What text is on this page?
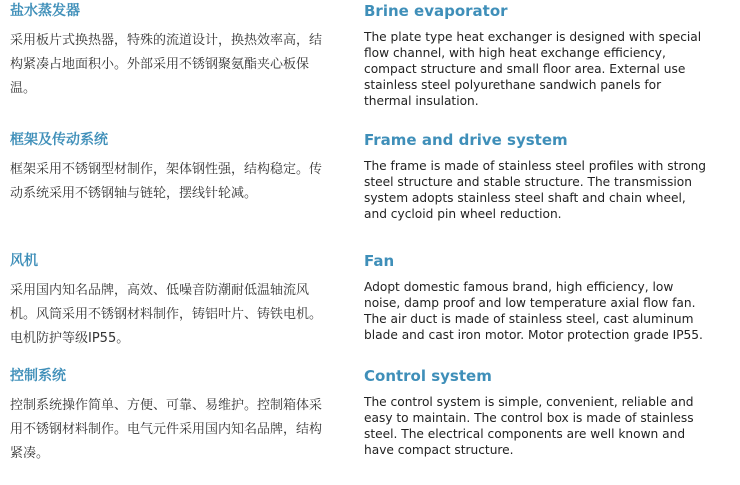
盐水蒸发器

采用板片式换热器，特殊的流道设计，换热效率高，结构紧凑占地面积小。外部采用不锈钢聚氨酯夹心板保温。

框架及传动系统

框架采用不锈钢型材制作，架体钢性强，结构稳定。传动系统采用不锈钢轴与链轮，摆线针轮减。

风机

采用国内知名品牌，高效、低噪音防潮耐低温轴流风机。风筒采用不锈钢材料制作，铸铝叶片、铸铁电机。电机防护等级IP55。

控制系统

控制系统操作简单、方便、可靠、易维护。控制箱体采用不锈钢材料制作。电气元件采用国内知名品牌，结构紧凑。

Brine evaporator

The plate type heat exchanger is designed with special flow channel, with high heat exchange efficiency, compact structure and small floor area. External use stainless steel polyurethane sandwich panels for thermal insulation.

Frame and drive system

The frame is made of stainless steel profiles with strong steel structure and stable structure. The transmission system adopts stainless steel shaft and chain wheel, and cycloid pin wheel reduction.

Fan

Adopt domestic famous brand, high efficiency, low noise, damp proof and low temperature axial flow fan. The air duct is made of stainless steel, cast aluminum blade and cast iron motor. Motor protection grade IP55.

Control system

The control system is simple, convenient, reliable and easy to maintain. The control box is made of stainless steel. The electrical components are well known and have compact structure.
